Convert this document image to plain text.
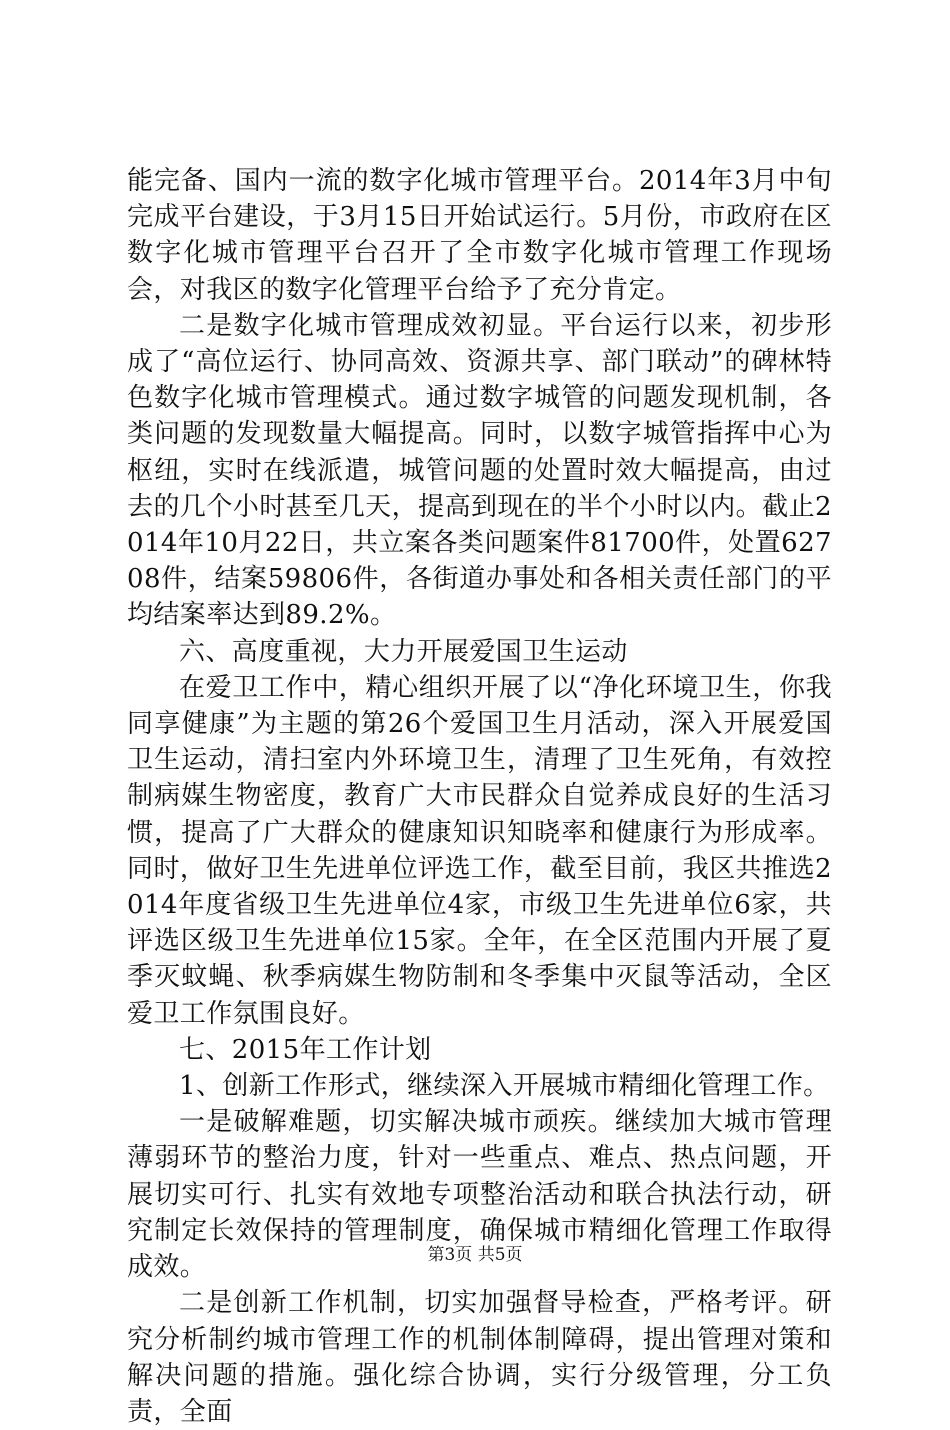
能完备、国内一流的数字化城市管理平台。2014年3月中旬完成平台建设，于3月15日开始试运行。5月份，市政府在区数字化城市管理平台召开了全市数字化城市管理工作现场会，对我区的数字化管理平台给予了充分肯定。

二是数字化城市管理成效初显。平台运行以来，初步形成了“高位运行、协同高效、资源共享、部门联动”的碑林特色数字化城市管理模式。通过数字城管的问题发现机制，各类问题的发现数量大幅提高。同时，以数字城管指挥中心为枢纽，实时在线派遣，城管问题的处置时效大幅提高，由过去的几个小时甚至几天，提高到现在的半个小时以内。截止2014年10月22日，共立案各类问题案件81700件，处置62708件，结案59806件，各街道办事处和各相关责任部门的平均结案率达到89.2%。

六、高度重视，大力开展爱国卫生运动

在爱卫工作中，精心组织开展了以“净化环境卫生，你我同享健康”为主题的第26个爱国卫生月活动，深入开展爱国卫生运动，清扫室内外环境卫生，清理了卫生死角，有效控制病媒生物密度，教育广大市民群众自觉养成良好的生活习惯，提高了广大群众的健康知识知晓率和健康行为形成率。同时，做好卫生先进单位评选工作，截至目前，我区共推选2014年度省级卫生先进单位4家，市级卫生先进单位6家，共评选区级卫生先进单位15家。全年，在全区范围内开展了夏季灭蚊蝇、秋季病媒生物防制和冬季集中灭鼠等活动，全区爱卫工作氛围良好。

七、2015年工作计划

1、创新工作形式，继续深入开展城市精细化管理工作。

一是破解难题，切实解决城市顽疾。继续加大城市管理薄弱环节的整治力度，针对一些重点、难点、热点问题，开展切实可行、扎实有效地专项整治活动和联合执法行动，研究制定长效保持的管理制度，确保城市精细化管理工作取得成效。

二是创新工作机制，切实加强督导检查，严格考评。研究分析制约城市管理工作的机制体制障碍，提出管理对策和解决问题的措施。强化综合协调，实行分级管理，分工负责，全面

第3页 共5页
